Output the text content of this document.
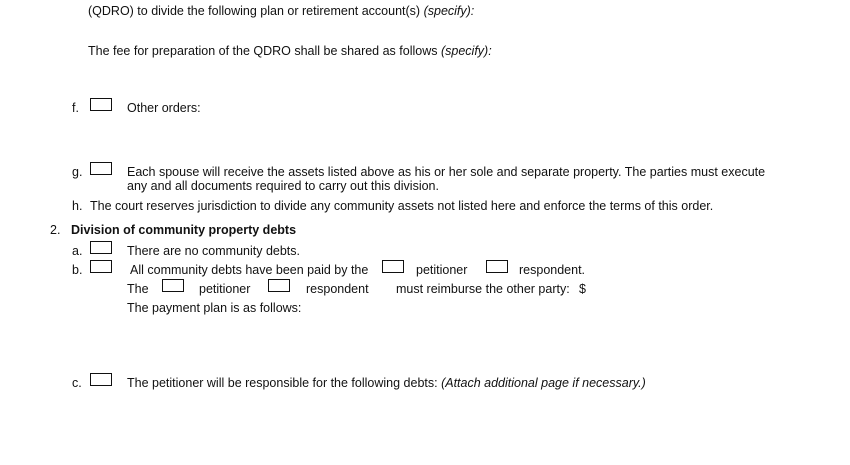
(QDRO) to divide the following plan or retirement account(s) (specify):
The fee for preparation of the QDRO shall be shared as follows (specify):
f.	Other orders:
g.	Each spouse will receive the assets listed above as his or her sole and separate property. The parties must execute
any and all documents required to carry out this division.
h. The court reserves jurisdiction to divide any community assets not listed here and enforce the terms of this order.
2. Division of community property debts
a.	There are no community debts.
b.	All community debts have been paid by the	petitioner	respondent.
The	petitioner	respondent must reimburse the other party: $
The payment plan is as follows:
c.	The petitioner will be responsible for the following debts: (Attach additional page if necessary.)
